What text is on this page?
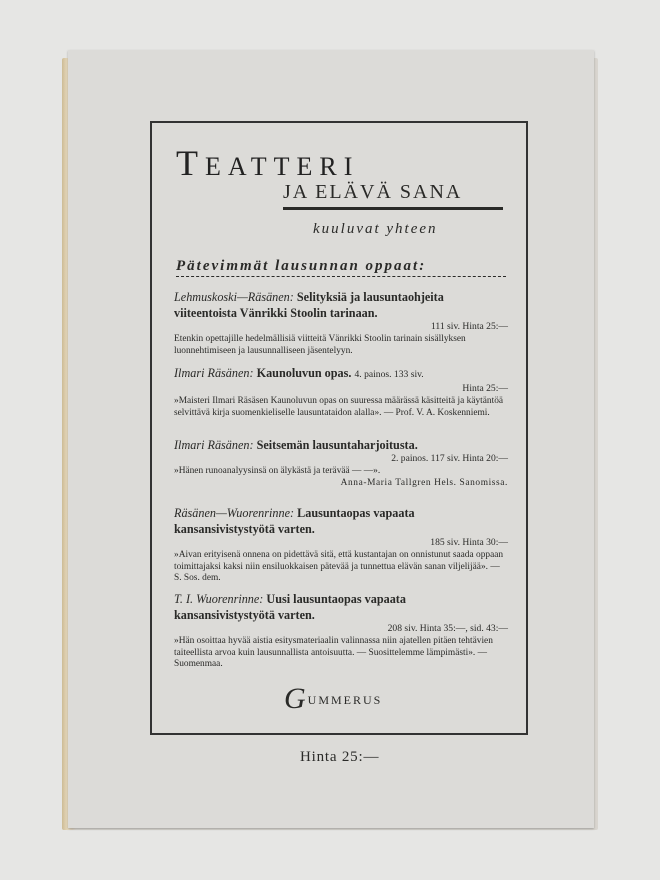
TEATTERI
JA ELÄVÄ SANA
kuuluvat yhteen
Pätevimmät lausunnan oppaat:
Lehmuskoski—Räsänen: Selityksiä ja lausuntaohjeita viiteentoista Vänrikki Stoolin tarinaan.
111 siv. Hinta 25:—
Etenkin opettajille hedelmällisiä viitteitä Vänrikki Stoolin tarinain sisällyksen luonnehtimiseen ja lausunnalliseen jäsentelyyn.
Ilmari Räsänen: Kaunoluvun opas. 4. painos. 133 siv.
Hinta 25:—
»Maisteri Ilmari Räsäsen Kaunoluvun opas on suuressa määrässä käsitteitä ja käytäntöä selvittävä kirja suomenkieliselle lausuntataidon alalla». — Prof. V. A. Koskenniemi.
Ilmari Räsänen: Seitsemän lausuntaharjoitusta.
2. painos. 117 siv. Hinta 20:—
»Hänen runoanalyysinsä on älykästä ja terävää — —».
Anna-Maria Tallgren Hels. Sanomissa.
Räsänen—Wuorenrinne: Lausuntaopas vapaata kansansivistystyötä varten.
185 siv. Hinta 30:—
»Aivan erityisenä onnena on pidettävä sitä, että kustantajan on onnistunut saada oppaan toimittajaksi kaksi niin ensiluokkaisen pätevää ja tunnettua elävän sanan viljelijää». — S. Sos. dem.
T. I. Wuorenrinne: Uusi lausuntaopas vapaata kansansivistystyötä varten.
208 siv. Hinta 35:—, sid. 43:—
»Hän osoittaa hyvää aistia esitysmateriaalin valinnassa niin ajatellen pitäen tehtävien taiteellista arvoa kuin lausunnallista antoisuutta. — Suosittelemme lämpimästi». — Suomenmaa.
GUMMERUS
Hinta 25:—
